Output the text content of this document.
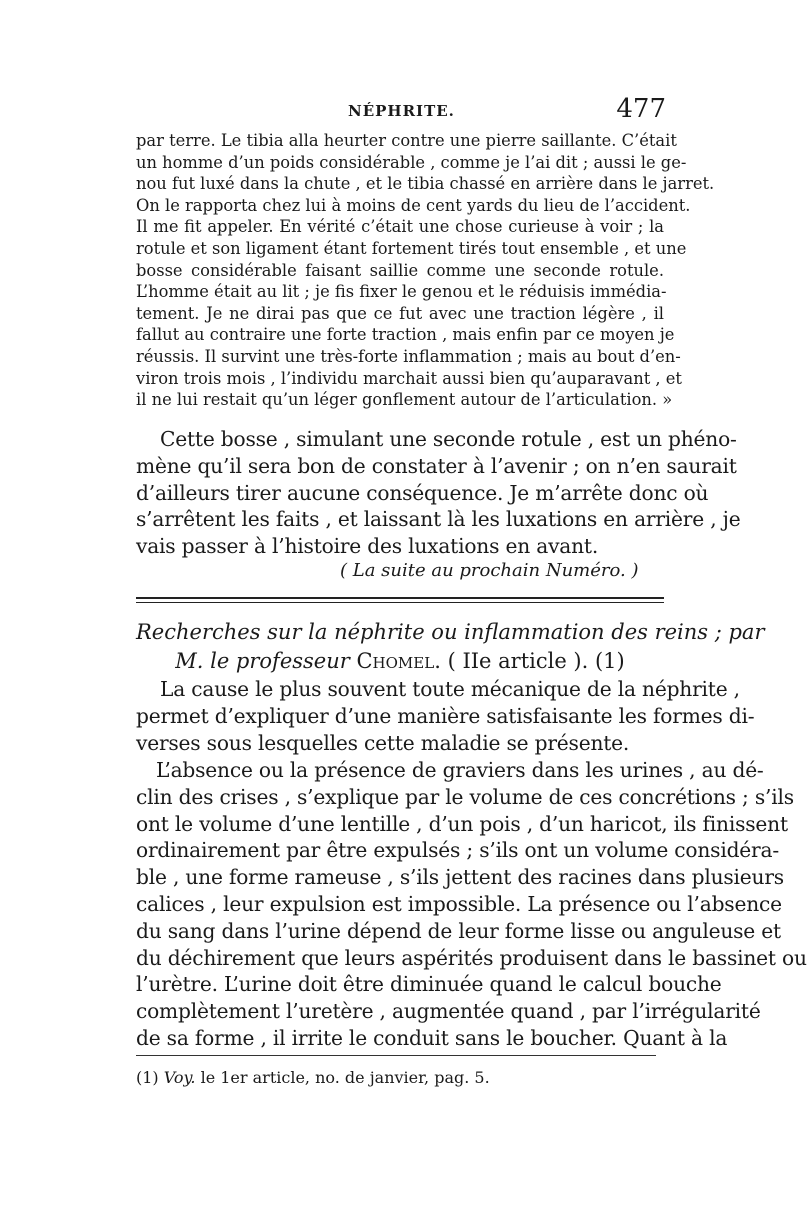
NÉPHRITE.	477
par terre. Le tibia alla heurter contre une pierre saillante. C’était
un homme d’un poids considérable , comme je l’ai dit ; aussi le ge-
nou fut luxé dans la chute , et le tibia chassé en arrière dans le jarret.
On le rapporta chez lui à moins de cent yards du lieu de l’accident.
Il me fit appeler. En vérité c’était une chose curieuse à voir ; la
rotule et son ligament étant fortement tirés tout ensemble , et une
bosse considérable faisant saillie comme une seconde rotule.
L’homme était au lit ; je fis fixer le genou et le réduisis immédia-
tement. Je ne dirai pas que ce fut avec une traction légère , il
fallut au contraire une forte traction , mais enfin par ce moyen je
réussis. Il survint une très-forte inflammation ; mais au bout d’en-
viron trois mois , l’individu marchait aussi bien qu’auparavant , et
il ne lui restait qu’un léger gonflement autour de l’articulation. »
Cette bosse , simulant une seconde rotule , est un phéno-
mène qu’il sera bon de constater à l’avenir ; on n’en saurait
d’ailleurs tirer aucune conséquence. Je m’arrête donc où
s’arrêtent les faits , et laissant là les luxations en arrière , je
vais passer à l’histoire des luxations en avant.
( La suite au prochain Numéro. )
Recherches sur la néphrite ou inflammation des reins ; par
M. le professeur Chomel. ( IIe article ). (1)
La cause le plus souvent toute mécanique de la néphrite ,
permet d’expliquer d’une manière satisfaisante les formes di-
verses sous lesquelles cette maladie se présente.
L’absence ou la présence de graviers dans les urines , au dé-
clin des crises , s’explique par le volume de ces concrétions ; s’ils
ont le volume d’une lentille , d’un pois , d’un haricot, ils finissent
ordinairement par être expulsés ; s’ils ont un volume considéra-
ble , une forme rameuse , s’ils jettent des racines dans plusieurs
calices , leur expulsion est impossible. La présence ou l’absence
du sang dans l’urine dépend de leur forme lisse ou anguleuse et
du déchirement que leurs aspérités produisent dans le bassinet ou
l’urètre. L’urine doit être diminuée quand le calcul bouche
complètement l’uretère , augmentée quand , par l’irrégularité
de sa forme , il irrite le conduit sans le boucher. Quant à la
(1) Voy. le 1er article, no. de janvier, pag. 5.
